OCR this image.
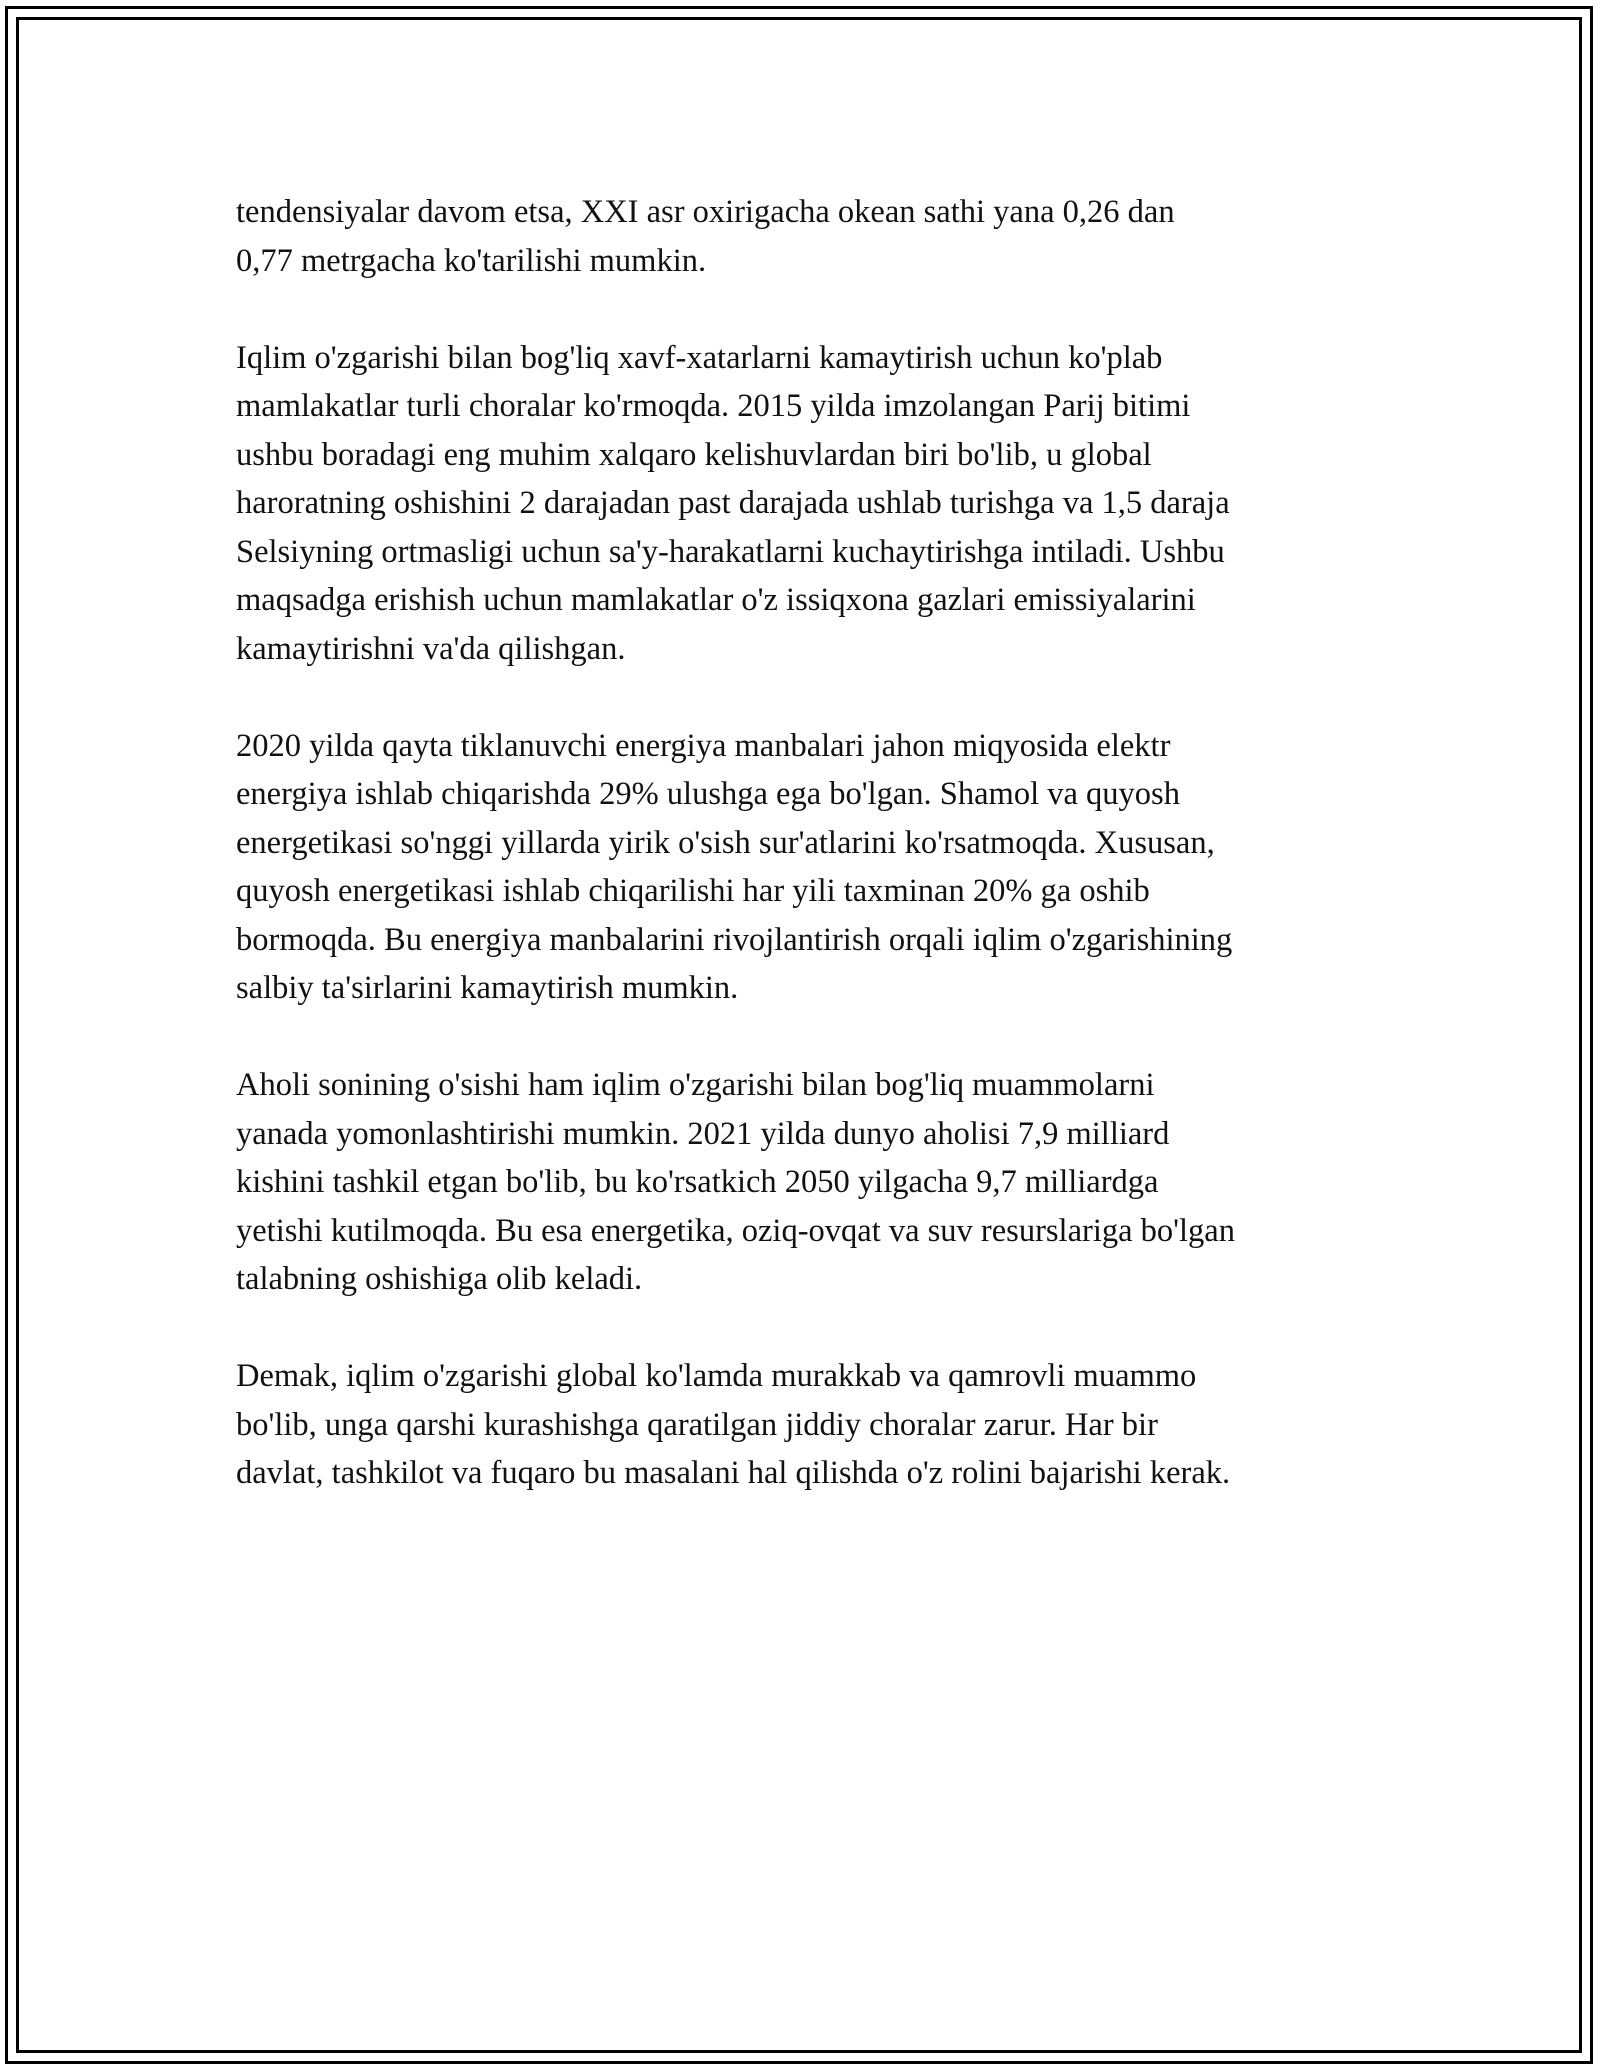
tendensiyalar davom etsa, XXI asr oxirigacha okean sathi yana 0,26 dan
0,77 metrgacha ko'tarilishi mumkin.

Iqlim o'zgarishi bilan bog'liq xavf-xatarlarni kamaytirish uchun ko'plab
mamlakatlar turli choralar ko'rmoqda. 2015 yilda imzolangan Parij bitimi
ushbu boradagi eng muhim xalqaro kelishuvlardan biri bo'lib, u global
haroratning oshishini 2 darajadan past darajada ushlab turishga va 1,5 daraja
Selsiyning ortmasligi uchun sa'y-harakatlarni kuchaytirishga intiladi. Ushbu
maqsadga erishish uchun mamlakatlar o'z issiqxona gazlari emissiyalarini
kamaytirishni va'da qilishgan.

2020 yilda qayta tiklanuvchi energiya manbalari jahon miqyosida elektr
energiya ishlab chiqarishda 29% ulushga ega bo'lgan. Shamol va quyosh
energetikasi so'nggi yillarda yirik o'sish sur'atlarini ko'rsatmoqda. Xususan,
quyosh energetikasi ishlab chiqarilishi har yili taxminan 20% ga oshib
bormoqda. Bu energiya manbalarini rivojlantirish orqali iqlim o'zgarishining
salbiy ta'sirlarini kamaytirish mumkin.

Aholi sonining o'sishi ham iqlim o'zgarishi bilan bog'liq muammolarni
yanada yomonlashtirishi mumkin. 2021 yilda dunyo aholisi 7,9 milliard
kishini tashkil etgan bo'lib, bu ko'rsatkich 2050 yilgacha 9,7 milliardga
yetishi kutilmoqda. Bu esa energetika, oziq-ovqat va suv resurslariga bo'lgan
talabning oshishiga olib keladi.

Demak, iqlim o'zgarishi global ko'lamda murakkab va qamrovli muammo
bo'lib, unga qarshi kurashishga qaratilgan jiddiy choralar zarur. Har bir
davlat, tashkilot va fuqaro bu masalani hal qilishda o'z rolini bajarishi kerak.
